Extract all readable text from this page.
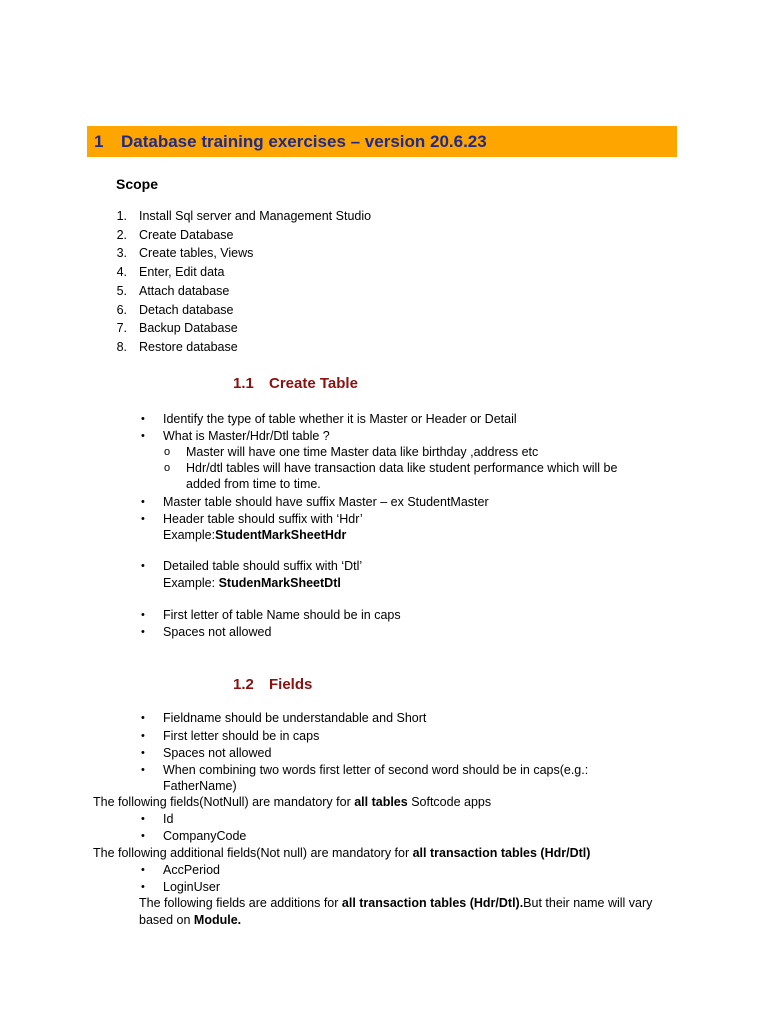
1 Database training exercises – version 20.6.23
Scope
1. Install Sql server and Management Studio
2. Create Database
3. Create tables, Views
4. Enter, Edit data
5. Attach database
6. Detach database
7. Backup Database
8. Restore database
1.1 Create Table
• Identify the type of table whether it is Master or Header or Detail
• What is Master/Hdr/Dtl table ?
o Master will have one time Master data like birthday ,address etc
o Hdr/dtl tables will have transaction data like student performance which will be
added from time to time.
• Master table should have suffix Master – ex StudentMaster
• Header table should suffix with ‘Hdr’
Example:StudentMarkSheetHdr
• Detailed table should suffix with ‘Dtl’
Example: StudenMarkSheetDtl
• First letter of table Name should be in caps
• Spaces not allowed
1.2 Fields
• Fieldname should be understandable and Short
• First letter should be in caps
• Spaces not allowed
• When combining two words first letter of second word should be in caps(e.g.:
FatherName)
The following fields(NotNull) are mandatory for all tables Softcode apps
• Id
• CompanyCode
The following additional fields(Not null) are mandatory for all transaction tables (Hdr/Dtl)
• AccPeriod
• LoginUser
The following fields are additions for all transaction tables (Hdr/Dtl).But their name will vary
based on Module.
